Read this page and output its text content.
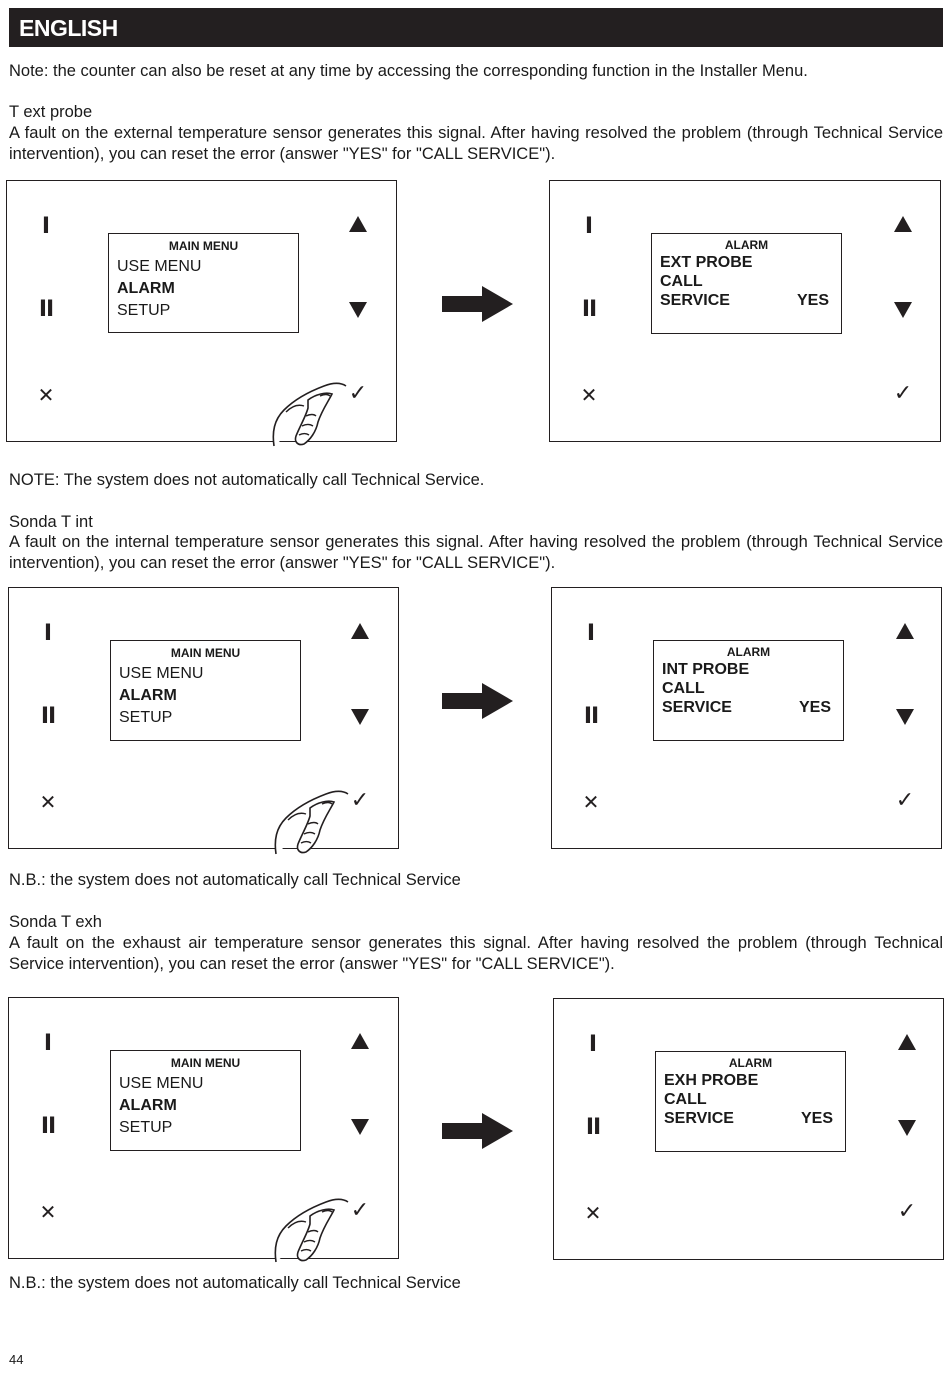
ENGLISH

Note: the counter can also be reset at any time by accessing the corresponding function in the Installer Menu.

T ext probe

A fault on the external temperature sensor generates this signal. After having resolved the problem (through Technical Service intervention), you can reset the error (answer "YES" for "CALL SERVICE").

I
II
✕	✓
MAIN MENU
USE MENU
ALARM
SETUP
I
II
✕	✓
ALARM
EXT PROBE
CALL
SERVICE	YES

NOTE: The system does not automatically call Technical Service.

Sonda T int

A fault on the internal temperature sensor generates this signal. After having resolved the problem (through Technical Service intervention), you can reset the error (answer "YES" for "CALL SERVICE").

I
II
✕	✓
MAIN MENU
USE MENU
ALARM
SETUP
I
II
✕	✓
ALARM
INT PROBE
CALL
SERVICE	YES

N.B.: the system does not automatically call Technical Service

Sonda T exh

A fault on the exhaust air temperature sensor generates this signal. After having resolved the problem (through Technical Service intervention), you can reset the error (answer "YES" for "CALL SERVICE").

I
II
✕	✓
MAIN MENU
USE MENU
ALARM
SETUP
I
II
✕	✓
ALARM
EXH PROBE
CALL
SERVICE	YES

N.B.: the system does not automatically call Technical Service

44
